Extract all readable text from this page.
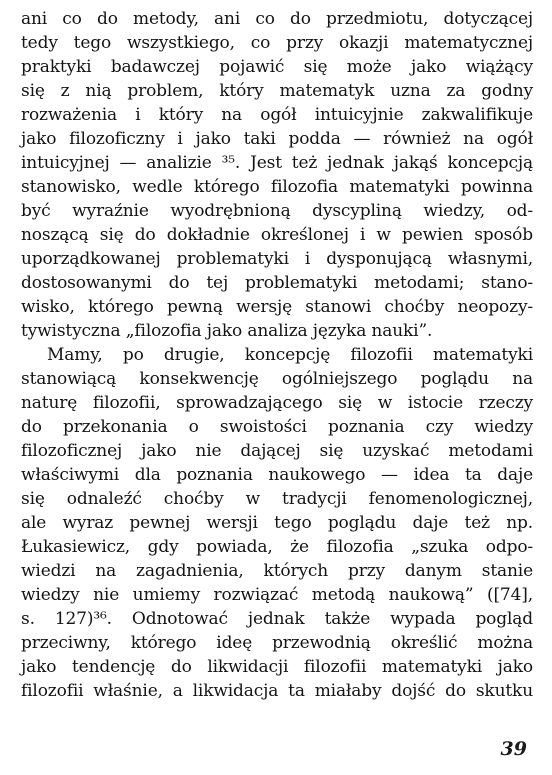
ani co do metody, ani co do przedmiotu, dotyczącej
tedy tego wszystkiego, co przy okazji matematycznej
praktyki badawczej pojawić się może jako wiążący
się z nią problem, który matematyk uzna za godny
rozważenia i który na ogół intuicyjnie zakwalifikuje
jako filozoficzny i jako taki podda — również na ogół
intuicyjnej — analizie ³⁵. Jest też jednak jakąś koncepcją
stanowisko, wedle którego filozofia matematyki powinna
być wyraźnie wyodrębnioną dyscypliną wiedzy, od-
noszącą się do dokładnie określonej i w pewien sposób
uporządkowanej problematyki i dysponującą własnymi,
dostosowanymi do tej problematyki metodami; stano-
wisko, którego pewną wersję stanowi choćby neopozy-
tywistyczna „filozofia jako analiza języka nauki”.
Mamy, po drugie, koncepcję filozofii matematyki
stanowiącą konsekwencję ogólniejszego poglądu na
naturę filozofii, sprowadzającego się w istocie rzeczy
do przekonania o swoistości poznania czy wiedzy
filozoficznej jako nie dającej się uzyskać metodami
właściwymi dla poznania naukowego — idea ta daje
się odnaleźć choćby w tradycji fenomenologicznej,
ale wyraz pewnej wersji tego poglądu daje też np.
Łukasiewicz, gdy powiada, że filozofia „szuka odpo-
wiedzi na zagadnienia, których przy danym stanie
wiedzy nie umiemy rozwiązać metodą naukową” ([74],
s. 127)³⁶. Odnotować jednak także wypada pogląd
przeciwny, którego ideę przewodnią określić można
jako tendencję do likwidacji filozofii matematyki jako
filozofii właśnie, a likwidacja ta miałaby dojść do skutku
39
